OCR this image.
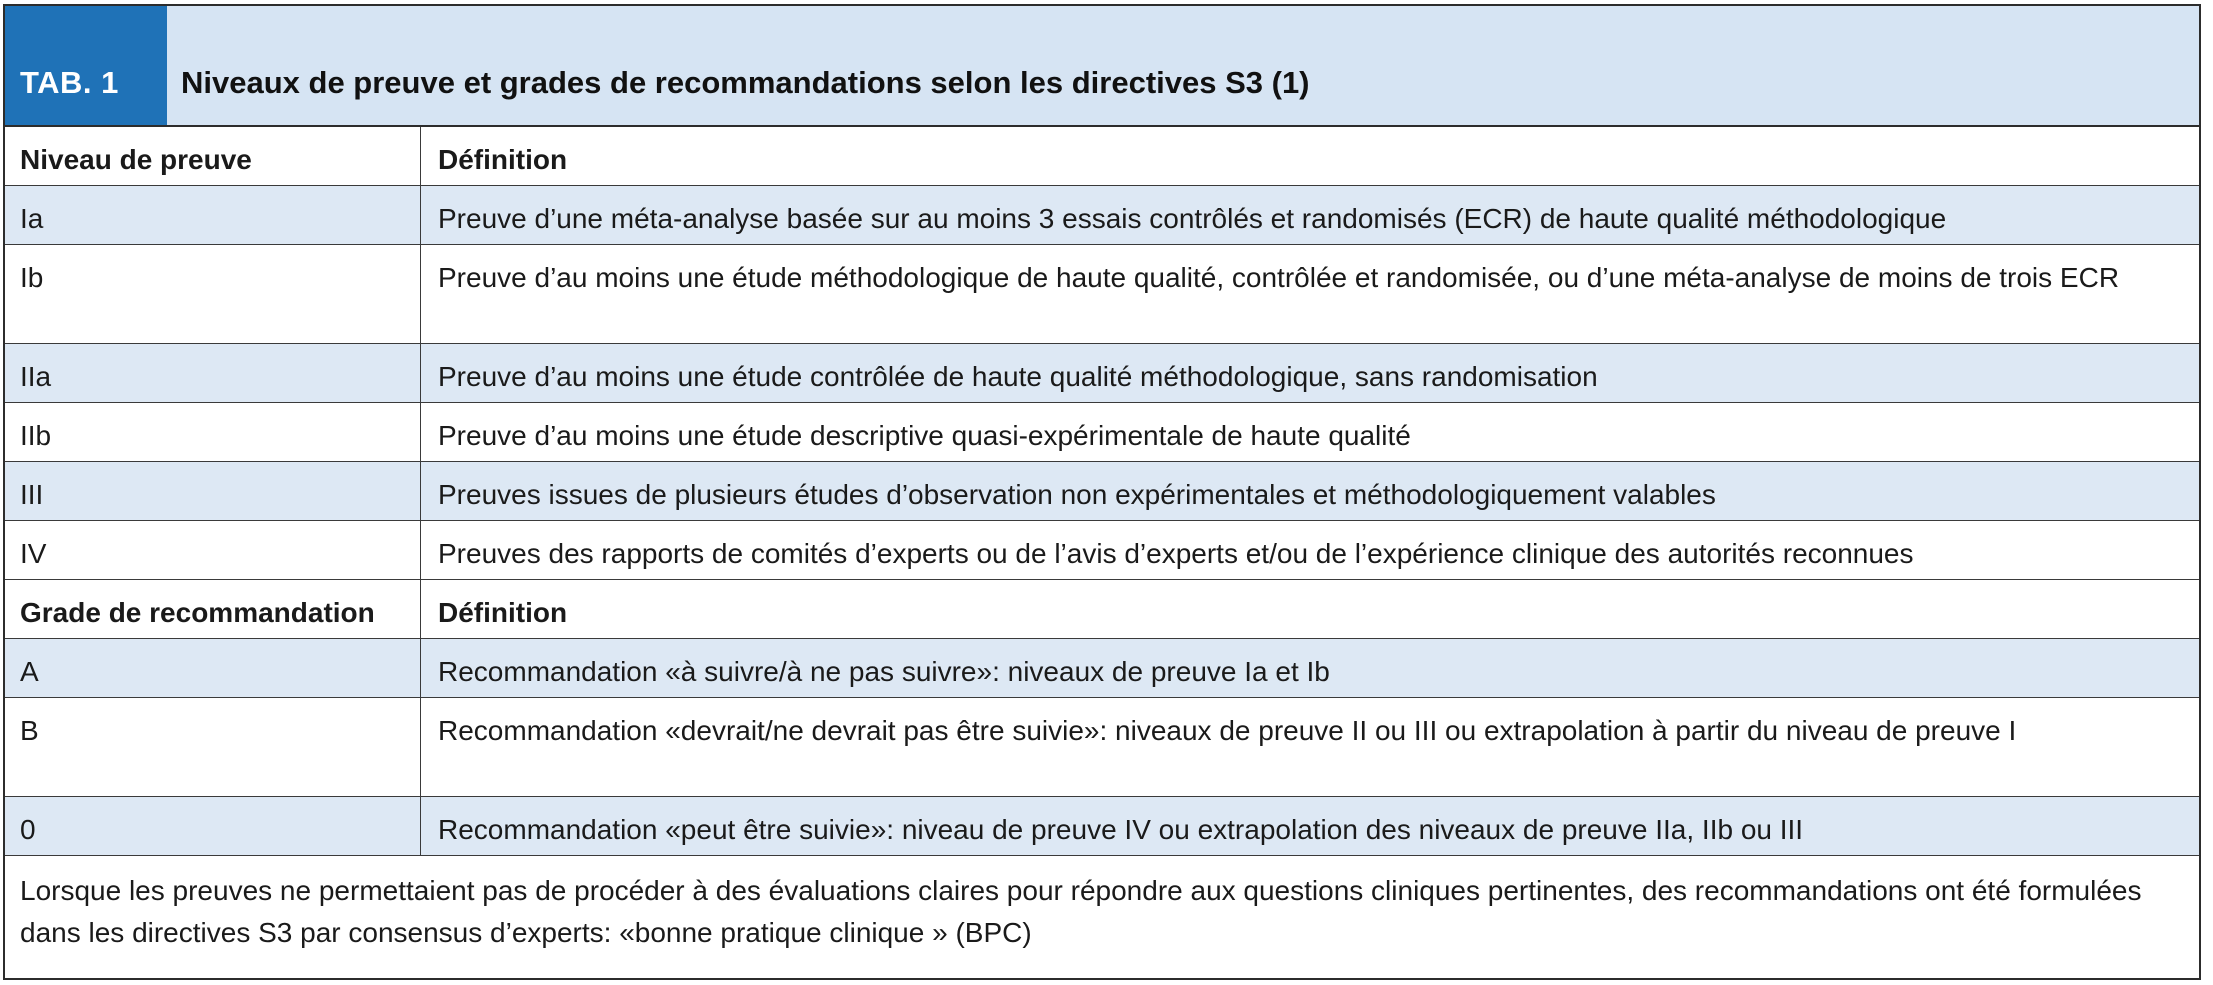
TAB. 1	Niveaux de preuve et grades de recommandations selon les directives S3 (1)
Niveau de preuve	Définition
Ia	Preuve d’une méta-analyse basée sur au moins 3 essais contrôlés et randomisés (ECR) de haute qualité méthodologique
Ib	Preuve d’au moins une étude méthodologique de haute qualité, contrôlée et randomisée, ou d’une méta-analyse de moins de trois ECR
IIa	Preuve d’au moins une étude contrôlée de haute qualité méthodologique, sans randomisation
IIb	Preuve d’au moins une étude descriptive quasi-expérimentale de haute qualité
III	Preuves issues de plusieurs études d’observation non expérimentales et méthodologiquement valables
IV	Preuves des rapports de comités d’experts ou de l’avis d’experts et/ou de l’expérience clinique des autorités reconnues
Grade de recommandation	Définition
A	Recommandation «à suivre/à ne pas suivre»: niveaux de preuve Ia et Ib
B	Recommandation «devrait/ne devrait pas être suivie»: niveaux de preuve II ou III ou extrapolation à partir du niveau de preuve I
0	Recommandation «peut être suivie»: niveau de preuve IV ou extrapolation des niveaux de preuve IIa, IIb ou III
Lorsque les preuves ne permettaient pas de procéder à des évaluations claires pour répondre aux questions cliniques pertinentes, des recommandations ont été formulées dans les directives S3 par consensus d’experts: «bonne pratique clinique » (BPC)
